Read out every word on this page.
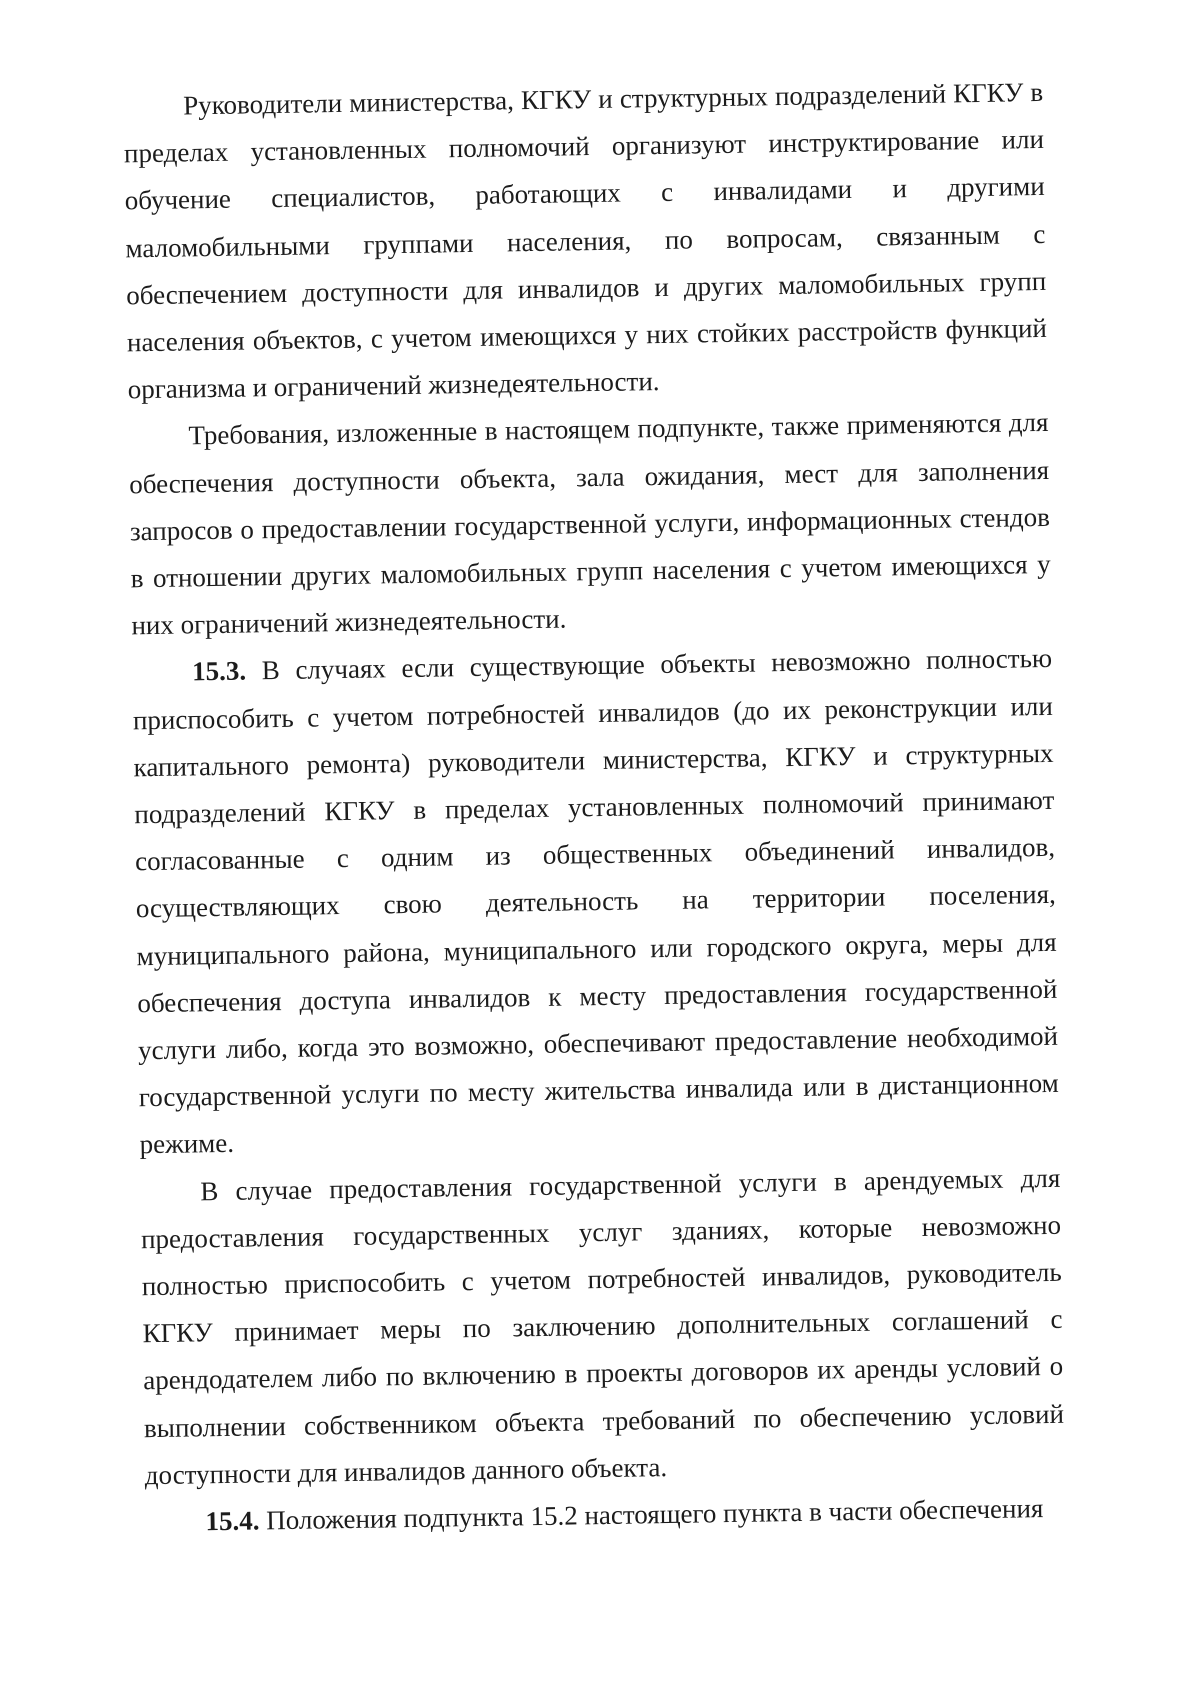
Руководители министерства, КГКУ и структурных подразделений КГКУ в пределах установленных полномочий организуют инструктирование или обучение специалистов, работающих с инвалидами и другими маломобильными группами населения, по вопросам, связанным с обеспечением доступности для инвалидов и других маломобильных групп населения объектов, с учетом имеющихся у них стойких расстройств функций организма и ограничений жизнедеятельности.

Требования, изложенные в настоящем подпункте, также применяются для обеспечения доступности объекта, зала ожидания, мест для заполнения запросов о предоставлении государственной услуги, информационных стендов в отношении других маломобильных групп населения с учетом имеющихся у них ограничений жизнедеятельности.

15.3. В случаях если существующие объекты невозможно полностью приспособить с учетом потребностей инвалидов (до их реконструкции или капитального ремонта) руководители министерства, КГКУ и структурных подразделений КГКУ в пределах установленных полномочий принимают согласованные с одним из общественных объединений инвалидов, осуществляющих свою деятельность на территории поселения, муниципального района, муниципального или городского округа, меры для обеспечения доступа инвалидов к месту предоставления государственной услуги либо, когда это возможно, обеспечивают предоставление необходимой государственной услуги по месту жительства инвалида или в дистанционном режиме.

В случае предоставления государственной услуги в арендуемых для предоставления государственных услуг зданиях, которые невозможно полностью приспособить с учетом потребностей инвалидов, руководитель КГКУ принимает меры по заключению дополнительных соглашений с арендодателем либо по включению в проекты договоров их аренды условий о выполнении собственником объекта требований по обеспечению условий доступности для инвалидов данного объекта.

15.4. Положения подпункта 15.2 настоящего пункта в части обеспечения
